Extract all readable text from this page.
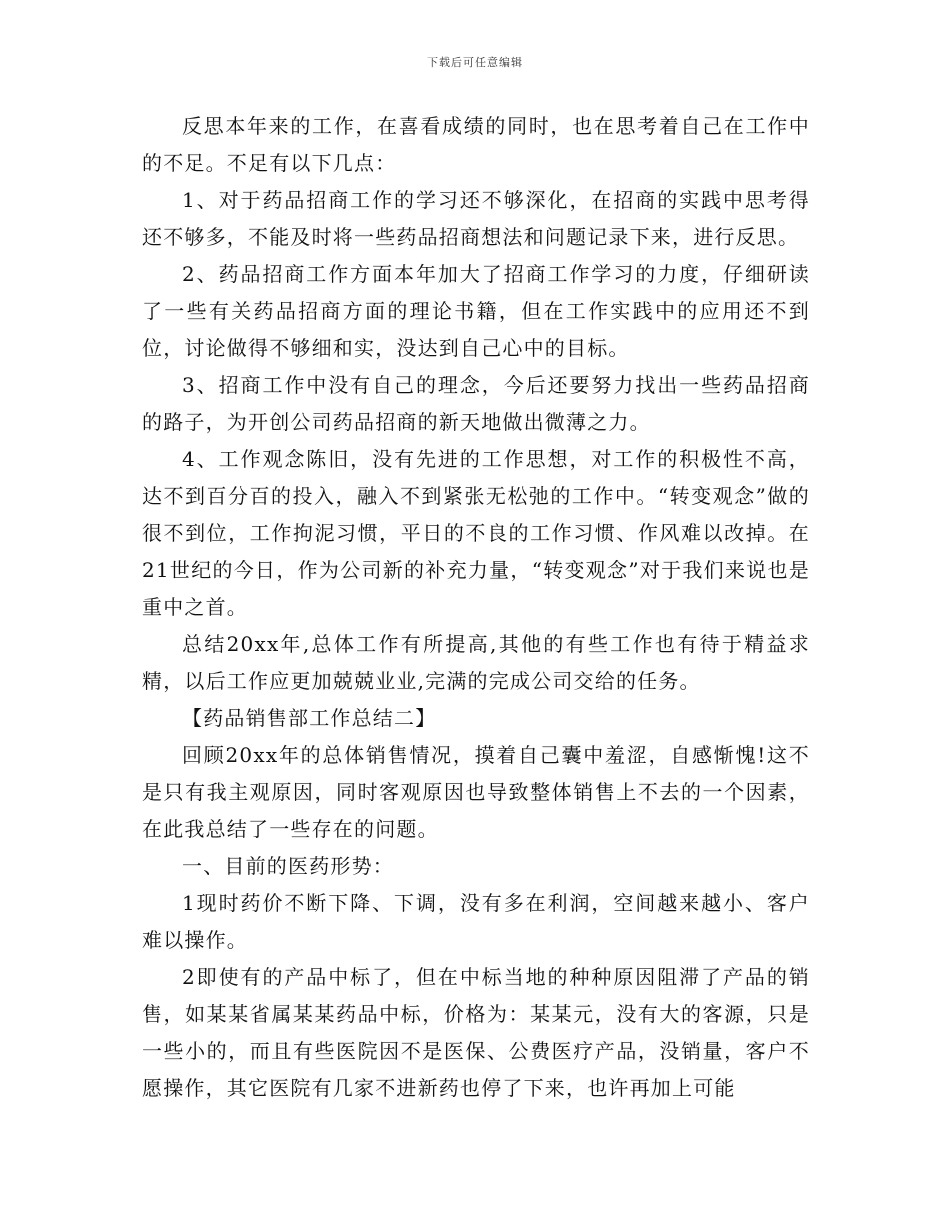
下载后可任意编辑

反思本年来的工作，在喜看成绩的同时，也在思考着自己在工作中的不足。不足有以下几点：

1、对于药品招商工作的学习还不够深化，在招商的实践中思考得还不够多，不能及时将一些药品招商想法和问题记录下来，进行反思。

2、药品招商工作方面本年加大了招商工作学习的力度，仔细研读了一些有关药品招商方面的理论书籍，但在工作实践中的应用还不到位，讨论做得不够细和实，没达到自己心中的目标。

3、招商工作中没有自己的理念，今后还要努力找出一些药品招商的路子，为开创公司药品招商的新天地做出微薄之力。

4、工作观念陈旧，没有先进的工作思想，对工作的积极性不高，达不到百分百的投入，融入不到紧张无松弛的工作中。“转变观念”做的很不到位，工作拘泥习惯，平日的不良的工作习惯、作风难以改掉。在21世纪的今日，作为公司新的补充力量，“转变观念”对于我们来说也是重中之首。

总结20xx年,总体工作有所提高,其他的有些工作也有待于精益求精，以后工作应更加兢兢业业,完满的完成公司交给的任务。

【药品销售部工作总结二】

回顾20xx年的总体销售情况，摸着自己囊中羞涩，自感惭愧!这不是只有我主观原因，同时客观原因也导致整体销售上不去的一个因素，在此我总结了一些存在的问题。

一、目前的医药形势：

1现时药价不断下降、下调，没有多在利润，空间越来越小、客户难以操作。

2即使有的产品中标了，但在中标当地的种种原因阻滞了产品的销售，如某某省属某某药品中标，价格为：某某元，没有大的客源，只是一些小的，而且有些医院因不是医保、公费医疗产品，没销量，客户不愿操作，其它医院有几家不进新药也停了下来，也许再加上可能
